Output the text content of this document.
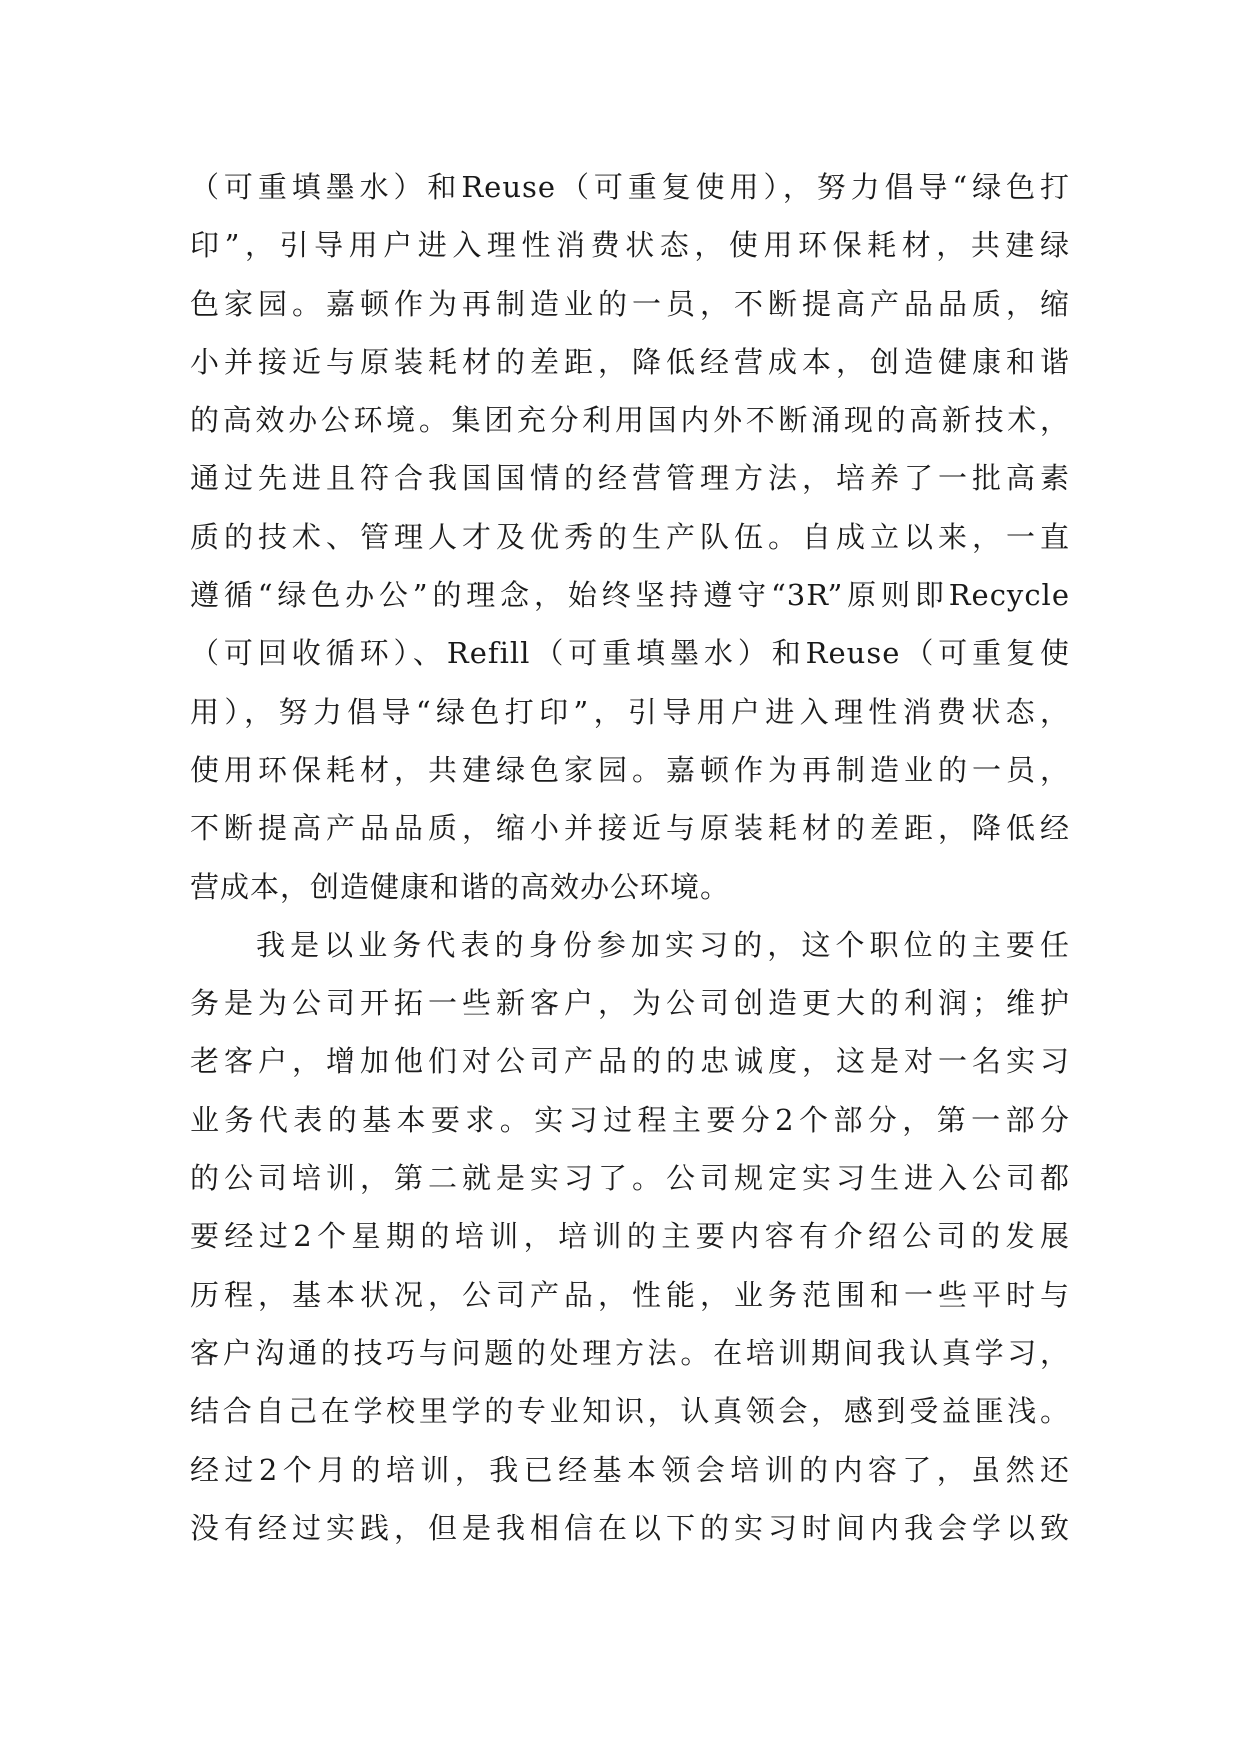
（可重填墨水）和Reuse（可重复使用），努力倡导“绿色打
印”，引导用户进入理性消费状态，使用环保耗材，共建绿
色家园。嘉顿作为再制造业的一员，不断提高产品品质，缩
小并接近与原装耗材的差距，降低经营成本，创造健康和谐
的高效办公环境。集团充分利用国内外不断涌现的高新技术，
通过先进且符合我国国情的经营管理方法，培养了一批高素
质的技术、管理人才及优秀的生产队伍。自成立以来，一直
遵循“绿色办公”的理念，始终坚持遵守“3R”原则即Recycle
（可回收循环）、Refill（可重填墨水）和Reuse（可重复使
用），努力倡导“绿色打印”，引导用户进入理性消费状态，
使用环保耗材，共建绿色家园。嘉顿作为再制造业的一员，
不断提高产品品质，缩小并接近与原装耗材的差距，降低经
营成本，创造健康和谐的高效办公环境。
我是以业务代表的身份参加实习的，这个职位的主要任
务是为公司开拓一些新客户，为公司创造更大的利润；维护
老客户，增加他们对公司产品的的忠诚度，这是对一名实习
业务代表的基本要求。实习过程主要分2个部分，第一部分
的公司培训，第二就是实习了。公司规定实习生进入公司都
要经过2个星期的培训，培训的主要内容有介绍公司的发展
历程，基本状况，公司产品，性能，业务范围和一些平时与
客户沟通的技巧与问题的处理方法。在培训期间我认真学习，
结合自己在学校里学的专业知识，认真领会，感到受益匪浅。
经过2个月的培训，我已经基本领会培训的内容了，虽然还
没有经过实践，但是我相信在以下的实习时间内我会学以致
